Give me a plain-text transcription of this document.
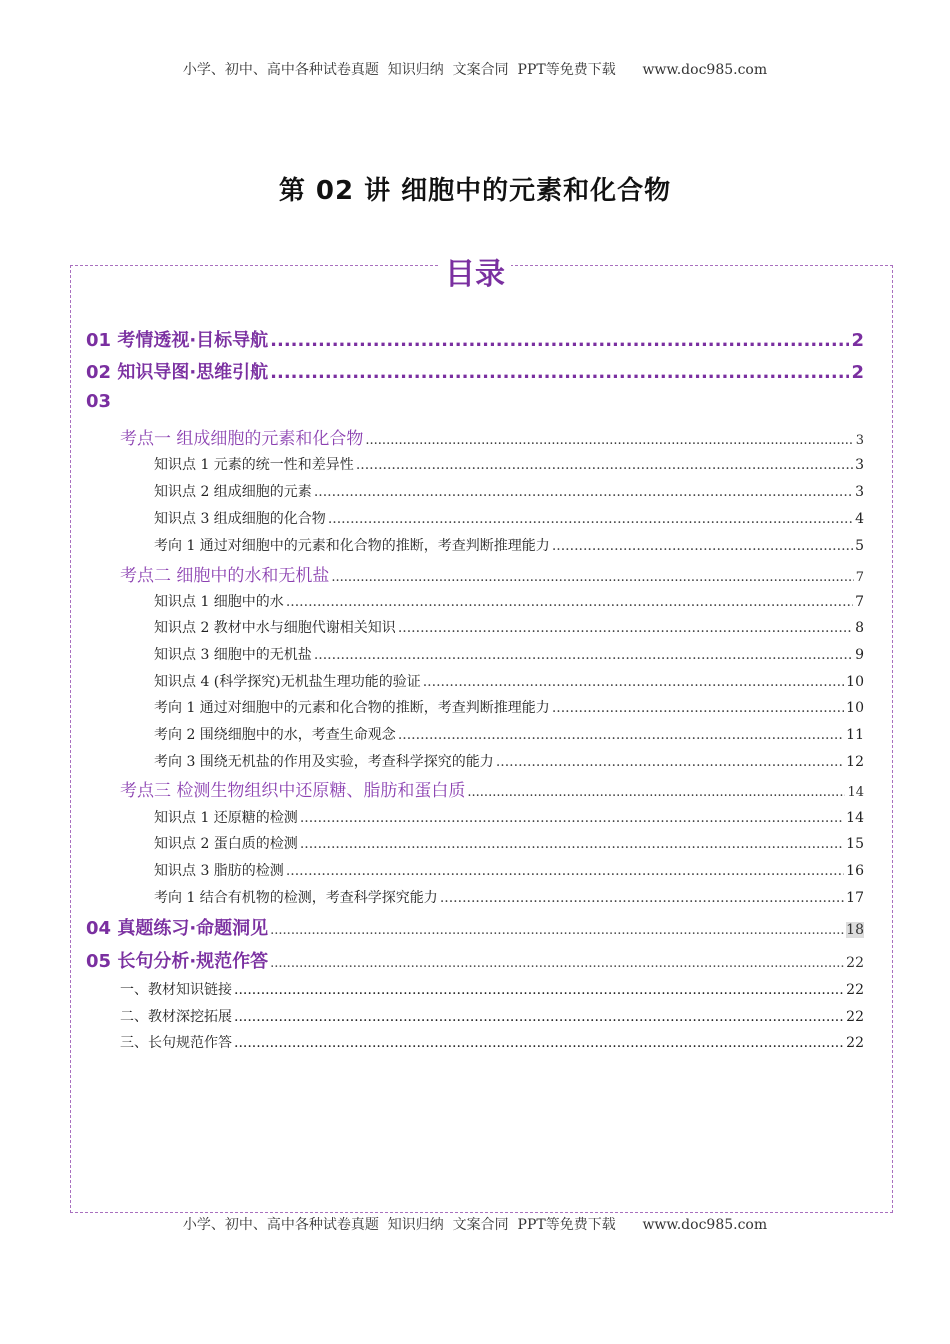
小学、初中、高中各种试卷真题  知识归纳  文案合同  PPT等免费下载      www.doc985.com
第 02 讲 细胞中的元素和化合物
目录
01 考情透视·目标导航 .....	2
02 知识导图·思维引航 .....	2
03
考点一 组成细胞的元素和化合物 .....	3
知识点 1 元素的统一性和差异性 .....	3
知识点 2 组成细胞的元素 .....	3
知识点 3 组成细胞的化合物 .....	4
考向 1 通过对细胞中的元素和化合物的推断，考查判断推理能力 .....	5
考点二 细胞中的水和无机盐 .....	7
知识点 1 细胞中的水 .....	7
知识点 2 教材中水与细胞代谢相关知识 .....	8
知识点 3 细胞中的无机盐 .....	9
知识点 4 (科学探究)无机盐生理功能的验证 .....	10
考向 1 通过对细胞中的元素和化合物的推断，考查判断推理能力 .....	10
考向 2 围绕细胞中的水，考查生命观念 .....	11
考向 3 围绕无机盐的作用及实验，考查科学探究的能力 .....	12
考点三 检测生物组织中还原糖、脂肪和蛋白质 .....	14
知识点 1 还原糖的检测 .....	14
知识点 2 蛋白质的检测 .....	15
知识点 3 脂肪的检测 .....	16
考向 1 结合有机物的检测，考查科学探究能力 .....	17
04 真题练习·命题洞见 .....	18
05 长句分析·规范作答 .....	22
一、教材知识链接 .....	22
二、教材深挖拓展 .....	22
三、长句规范作答 .....	22
小学、初中、高中各种试卷真题  知识归纳  文案合同  PPT等免费下载      www.doc985.com
